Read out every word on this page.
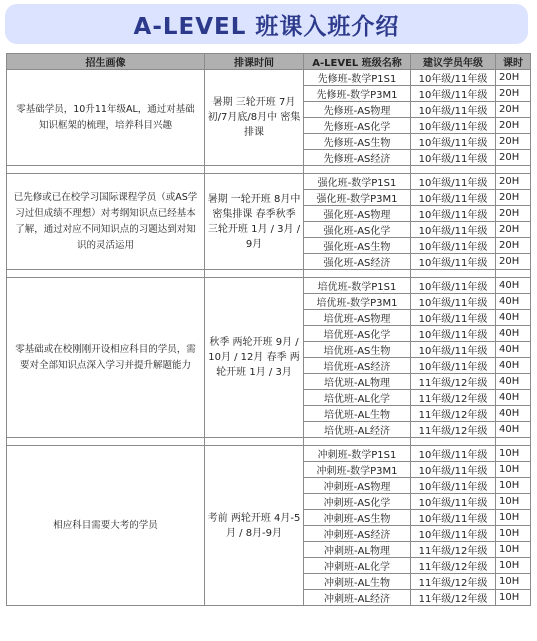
A-LEVEL 班课入班介绍
招生画像	排课时间	A-LEVEL 班级名称	建议学员年级	课时
零基础学员，10升11年级AL，通过对基础知识框架的梳理，培养科目兴趣	暑期 三轮开班 7月初/7月底/8月中 密集排课	先修班-数学P1S1	10年级/11年级	20H
		先修班-数学P3M1	10年级/11年级	20H
		先修班-AS物理	10年级/11年级	20H
		先修班-AS化学	10年级/11年级	20H
		先修班-AS生物	10年级/11年级	20H
		先修班-AS经济	10年级/11年级	20H

已先修或已在校学习国际课程学员（或AS学习过但成绩不理想）对考纲知识点已经基本了解，通过对应不同知识点的习题达到对知识的灵活运用	暑期 一轮开班 8月中 密集排课 春季秋季 三轮开班 1月 / 3月 / 9月	强化班-数学P1S1	10年级/11年级	20H
		强化班-数学P3M1	10年级/11年级	20H
		强化班-AS物理	10年级/11年级	20H
		强化班-AS化学	10年级/11年级	20H
		强化班-AS生物	10年级/11年级	20H
		强化班-AS经济	10年级/11年级	20H

零基础或在校刚刚开设相应科目的学员，需要对全部知识点深入学习并提升解题能力	秋季 两轮开班 9月 / 10月 / 12月 春季 两轮开班 1月 / 3月	培优班-数学P1S1	10年级/11年级	40H
		培优班-数学P3M1	10年级/11年级	40H
		培优班-AS物理	10年级/11年级	40H
		培优班-AS化学	10年级/11年级	40H
		培优班-AS生物	10年级/11年级	40H
		培优班-AS经济	10年级/11年级	40H
		培优班-AL物理	11年级/12年级	40H
		培优班-AL化学	11年级/12年级	40H
		培优班-AL生物	11年级/12年级	40H
		培优班-AL经济	11年级/12年级	40H

相应科目需要大考的学员	考前 两轮开班 4月-5月 / 8月-9月	冲刺班-数学P1S1	10年级/11年级	10H
		冲刺班-数学P3M1	10年级/11年级	10H
		冲刺班-AS物理	10年级/11年级	10H
		冲刺班-AS化学	10年级/11年级	10H
		冲刺班-AS生物	10年级/11年级	10H
		冲刺班-AS经济	10年级/11年级	10H
		冲刺班-AL物理	11年级/12年级	10H
		冲刺班-AL化学	11年级/12年级	10H
		冲刺班-AL生物	11年级/12年级	10H
		冲刺班-AL经济	11年级/12年级	10H
